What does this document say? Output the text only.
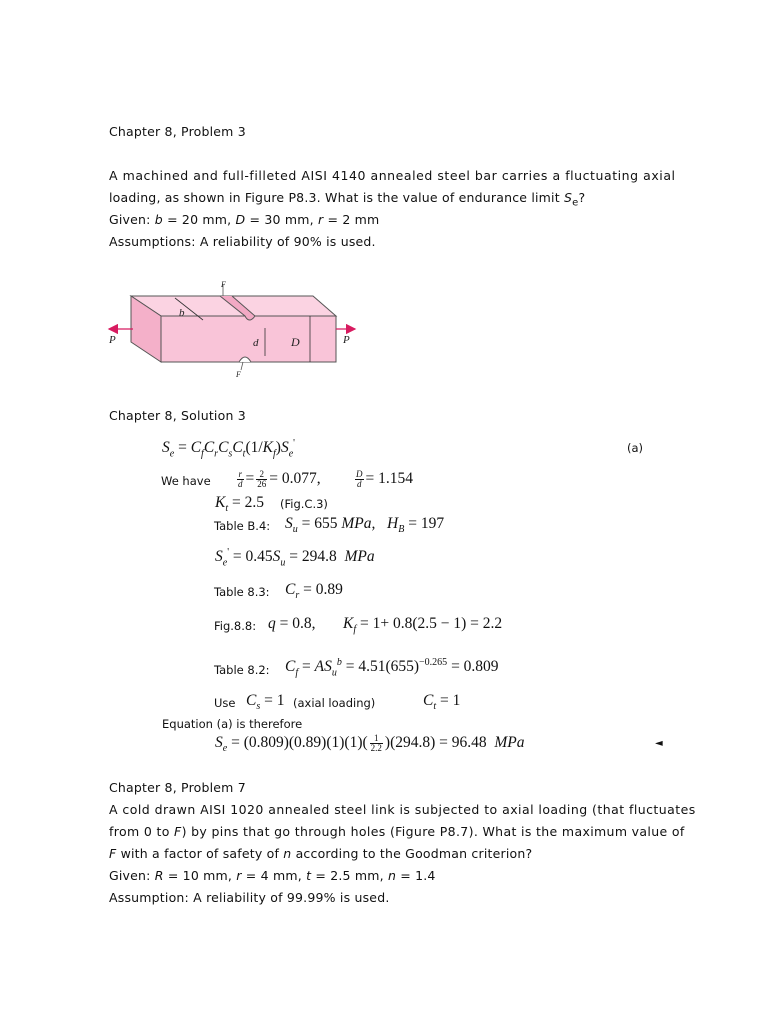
Chapter 8, Problem 3
A machined and full-filleted AISI 4140 annealed steel bar carries a fluctuating axial
loading, as shown in Figure P8.3. What is the value of endurance limit $S_e$?
Given: b = 20 mm, D = 30 mm, r = 2 mm
Assumptions: A reliability of 90% is used.
b
d	D
F
F
P	P
Chapter 8, Solution 3
$S_e = C_fC_rC_sC_t(1/K_f)S_e'$	(a)
We have	$\frac{r}{d} = \frac{2}{26} = 0.077$,	$\frac{D}{d} = 1.154$
$K_t = 2.5$ (Fig.C.3)
Table B.4: $S_u = 655$ MPa, $H_B = 197$
$S_e' = 0.45S_u = 294.8$ MPa
Table 8.3: $C_r = 0.89$
Fig.8.8: q = 0.8, $K_f = 1+ 0.8(2.5 - 1) = 2.2$
Table 8.2: $C_f = AS_u^b = 4.51(655)^{-0.265} = 0.809$
Use $C_s = 1$ (axial loading)	$C_t = 1$
Equation (a) is therefore
$S_e = (0.809)(0.89)(1)(1)( \frac{1}{2.2} )(294.8) = 96.48$ MPa	◄
Chapter 8, Problem 7
A cold drawn AISI 1020 annealed steel link is subjected to axial loading (that fluctuates
from 0 to F) by pins that go through holes (Figure P8.7). What is the maximum value of
F with a factor of safety of n according to the Goodman criterion?
Given: R = 10 mm, r = 4 mm, t = 2.5 mm, n = 1.4
Assumption: A reliability of 99.99% is used.
